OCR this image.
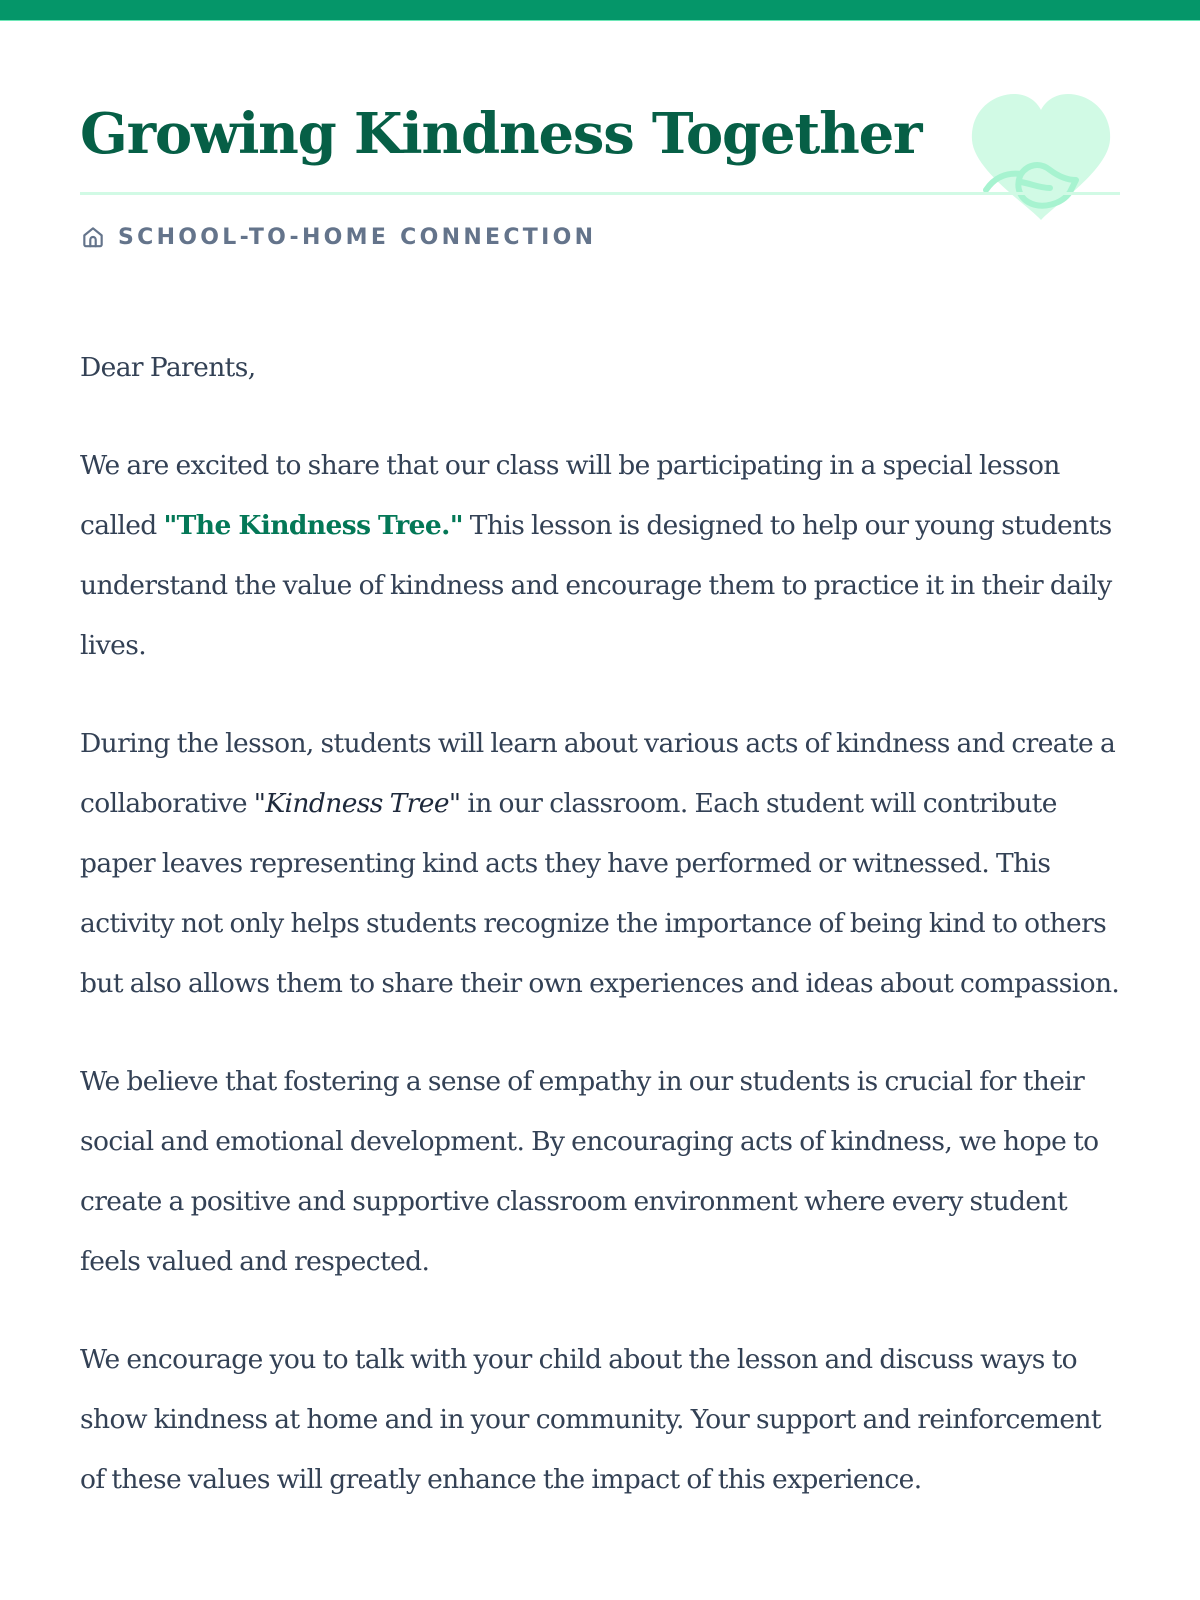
Growing Kindness Together
SCHOOL-TO-HOME CONNECTION

Dear Parents,

We are excited to share that our class will be participating in a special lesson called "The Kindness Tree." This lesson is designed to help our young students understand the value of kindness and encourage them to practice it in their daily lives.

During the lesson, students will learn about various acts of kindness and create a collaborative "Kindness Tree" in our classroom. Each student will contribute paper leaves representing kind acts they have performed or witnessed. This activity not only helps students recognize the importance of being kind to others but also allows them to share their own experiences and ideas about compassion.

We believe that fostering a sense of empathy in our students is crucial for their social and emotional development. By encouraging acts of kindness, we hope to create a positive and supportive classroom environment where every student feels valued and respected.

We encourage you to talk with your child about the lesson and discuss ways to show kindness at home and in your community. Your support and reinforcement of these values will greatly enhance the impact of this experience.
